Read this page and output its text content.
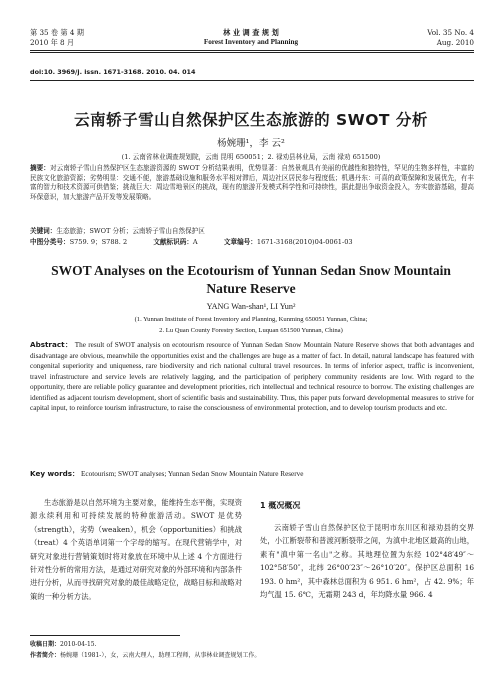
第 35 卷 第 4 期
2010 年 8 月
林 业 调 查 规 划
Forest Inventory and Planning
Vol. 35 No. 4
Aug. 2010
doi:10. 3969/j. issn. 1671-3168. 2010. 04. 014
云南轿子雪山自然保护区生态旅游的 SWOT 分析
杨婉珊¹，李 云²
(1. 云南省林业调查规划院，云南 昆明 650051；2. 禄劝县林业局，云南 禄劝 651500)
摘要：对云南轿子雪山自然保护区生态旅游资源的 SWOT 分析结果表明，优势显著：自然景观具有美丽的优越性和独特性，罕见的生物多样性，丰富的民族文化旅游资源；劣势明显：交通不便，旅游基础设施和服务水平相对滞后，周边社区居民参与程度低；机遇丹东：可喜的政策保障和发展优先，有丰富的智力和技术资源可供借鉴；挑战巨大：周边雪地景区的挑战，现有的旅游开发模式科学性和可持续性，据此提出争取资金投入，夯实旅游基础，提高环保意识，加大旅游产品开发等发展策略。
关键词：生态旅游；SWOT 分析；云南轿子雪山自然保护区
中图分类号：S759. 9；S788. 2	文献标识码：A	文章编号：1671-3168(2010)04-0061-03
SWOT Analyses on the Ecotourism of Yunnan Sedan Snow Mountain
Nature Reserve
YANG Wan-shan¹, LI Yun²
(1. Yunnan Institute of Forest Inventory and Planning, Kunming 650051 Yunnan, China;
2. Lu Quan County Forestry Section, Luquan 651500 Yunnan, China)
Abstract： The result of SWOT analysis on ecotourism resource of Yunnan Sedan Snow Mountain Nature Reserve shows that both advantages and disadvantage are obvious, meanwhile the opportunities exist and the challenges are huge as a matter of fact. In detail, natural landscape has featured with congenital superiority and uniqueness, rare biodiversity and rich national cultural travel resources. In terms of inferior aspect, traffic is inconvenient, travel infrastructure and service levels are relatively lagging, and the participation of periphery community residents are low. With regard to the opportunity, there are reliable policy guarantee and development priorities, rich intellectual and technical resource to borrow. The existing challenges are identified as adjacent tourism development, short of scientific basis and sustainability. Thus, this paper puts forward developmental measures to strive for capital input, to reinforce tourism infrastructure, to raise the consciousness of environmental protection, and to develop tourism products and etc.
Key words： Ecotourism; SWOT analyses; Yunnan Sedan Snow Mountain Nature Reserve
生态旅游是以自然环境为主要对象，能维持生态平衡，实现资源永续利用和可持续发展的特种旅游活动。SWOT 是优势（strength），劣势（weaken），机会（opportunities）和挑战（treat）4 个英语单词第一个字母的缩写。在现代营销学中，对研究对象进行营销策划时将对象放在环境中从上述 4 个方面进行针对性分析的常用方法，是通过对研究对象的外部环境和内部条件进行分析，从而寻找研究对象的最佳战略定位，战略目标和战略对策的一种分析方法。
1 概况概况
云南轿子雪山自然保护区位于昆明市东川区和禄劝县的交界处，小江断裂带和普渡河断裂带之间，为滇中北地区最高的山地，素有"滇中第一名山"之称。其地理位置为东经 102°48′49″～102°58′50″，北纬 26°00′23″～26°10′20″。保护区总面积 16 193. 0 hm²，其中森林总面积为 6 951. 6 hm²，占 42. 9%；年均气温 15. 6℃，无霜期 243 d，年均降水量 966. 4
收稿日期：2010-04-15.
作者简介：杨婉珊（1981-），女，云南大理人，助理工程师，从事林业调查规划工作。
